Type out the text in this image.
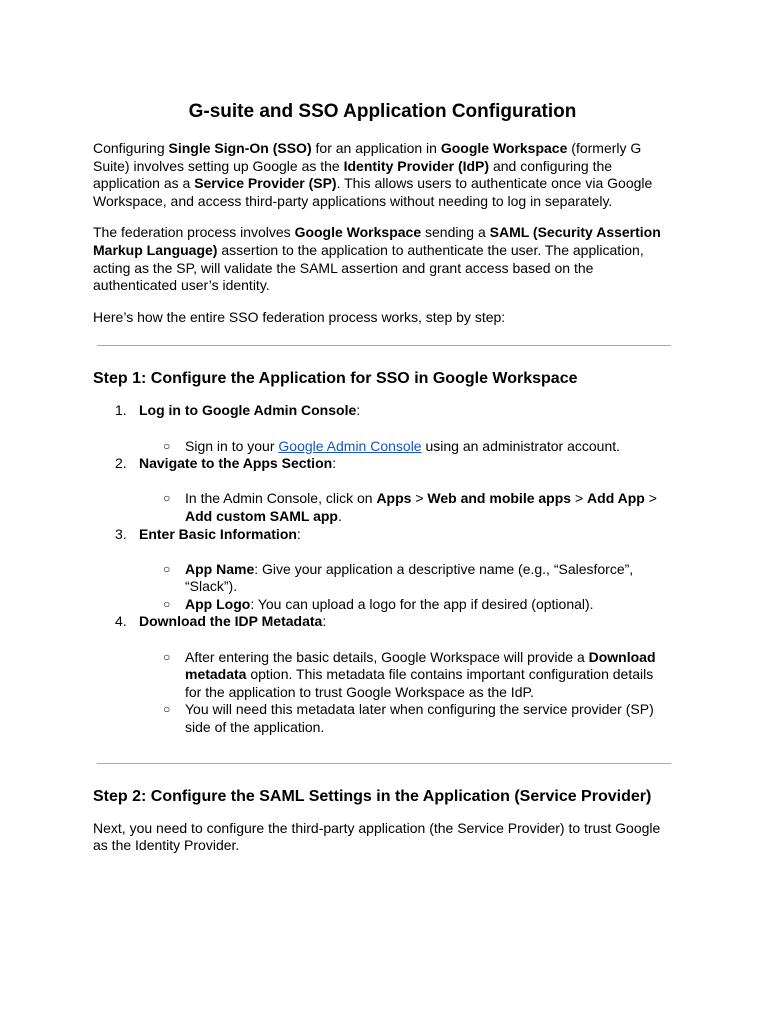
G-suite and SSO Application Configuration

Configuring Single Sign-On (SSO) for an application in Google Workspace (formerly G Suite) involves setting up Google as the Identity Provider (IdP) and configuring the application as a Service Provider (SP). This allows users to authenticate once via Google Workspace, and access third-party applications without needing to log in separately.

The federation process involves Google Workspace sending a SAML (Security Assertion Markup Language) assertion to the application to authenticate the user. The application, acting as the SP, will validate the SAML assertion and grant access based on the authenticated user’s identity.

Here’s how the entire SSO federation process works, step by step:

Step 1: Configure the Application for SSO in Google Workspace
1. Log in to Google Admin Console:
○ Sign in to your Google Admin Console using an administrator account.
2. Navigate to the Apps Section:
○ In the Admin Console, click on Apps > Web and mobile apps > Add App > Add custom SAML app.
3. Enter Basic Information:
○ App Name: Give your application a descriptive name (e.g., “Salesforce”, “Slack”).
○ App Logo: You can upload a logo for the app if desired (optional).
4. Download the IDP Metadata:
○ After entering the basic details, Google Workspace will provide a Download metadata option. This metadata file contains important configuration details for the application to trust Google Workspace as the IdP.
○ You will need this metadata later when configuring the service provider (SP) side of the application.
Step 2: Configure the SAML Settings in the Application (Service Provider)

Next, you need to configure the third-party application (the Service Provider) to trust Google as the Identity Provider.
